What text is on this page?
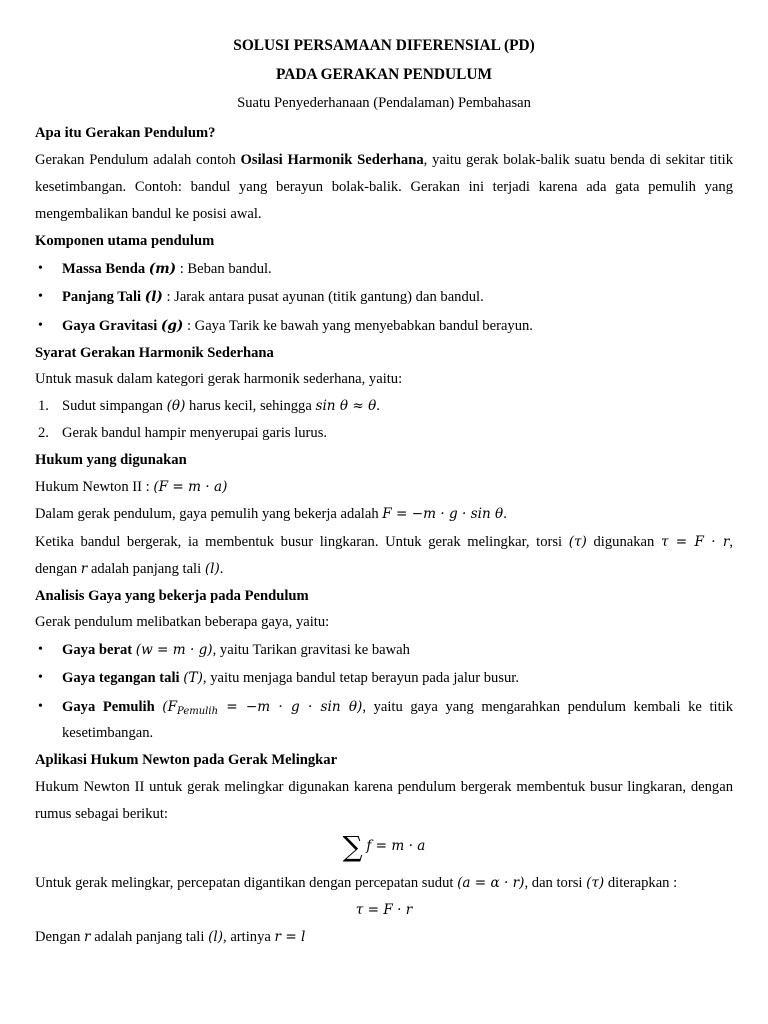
SOLUSI PERSAMAAN DIFERENSIAL (PD)
PADA GERAKAN PENDULUM
Suatu Penyederhanaan (Pendalaman) Pembahasan
Apa itu Gerakan Pendulum?
Gerakan Pendulum adalah contoh Osilasi Harmonik Sederhana, yaitu gerak bolak-balik suatu benda di sekitar titik
kesetimbangan. Contoh: bandul yang berayun bolak-balik. Gerakan ini terjadi karena ada gata pemulih yang
mengembalikan bandul ke posisi awal.
Komponen utama pendulum
• Massa Benda (m) : Beban bandul.
• Panjang Tali (l) : Jarak antara pusat ayunan (titik gantung) dan bandul.
• Gaya Gravitasi (g) : Gaya Tarik ke bawah yang menyebabkan bandul berayun.
Syarat Gerakan Harmonik Sederhana
Untuk masuk dalam kategori gerak harmonik sederhana, yaitu:
1. Sudut simpangan (θ) harus kecil, sehingga sin θ ≈ θ.
2. Gerak bandul hampir menyerupai garis lurus.
Hukum yang digunakan
Hukum Newton II : (F = m · a)
Dalam gerak pendulum, gaya pemulih yang bekerja adalah F = −m · g · sin θ.
Ketika bandul bergerak, ia membentuk busur lingkaran. Untuk gerak melingkar, torsi (τ) digunakan τ = F · r,
dengan r adalah panjang tali (l).
Analisis Gaya yang bekerja pada Pendulum
Gerak pendulum melibatkan beberapa gaya, yaitu:
• Gaya berat (w = m · g), yaitu Tarikan gravitasi ke bawah
• Gaya tegangan tali (T), yaitu menjaga bandul tetap berayun pada jalur busur.
• Gaya Pemulih $(F_{Pemulih} = -m \cdot g \cdot \sin \theta)$, yaitu gaya yang mengarahkan pendulum kembali ke titik
kesetimbangan.
Aplikasi Hukum Newton pada Gerak Melingkar
Hukum Newton II untuk gerak melingkar digunakan karena pendulum bergerak membentuk busur lingkaran, dengan
rumus sebagai berikut:
∑ f = m · a
Untuk gerak melingkar, percepatan digantikan dengan percepatan sudut (a = α · r), dan torsi (τ) diterapkan :
τ = F · r
Dengan r adalah panjang tali (l), artinya r = l
